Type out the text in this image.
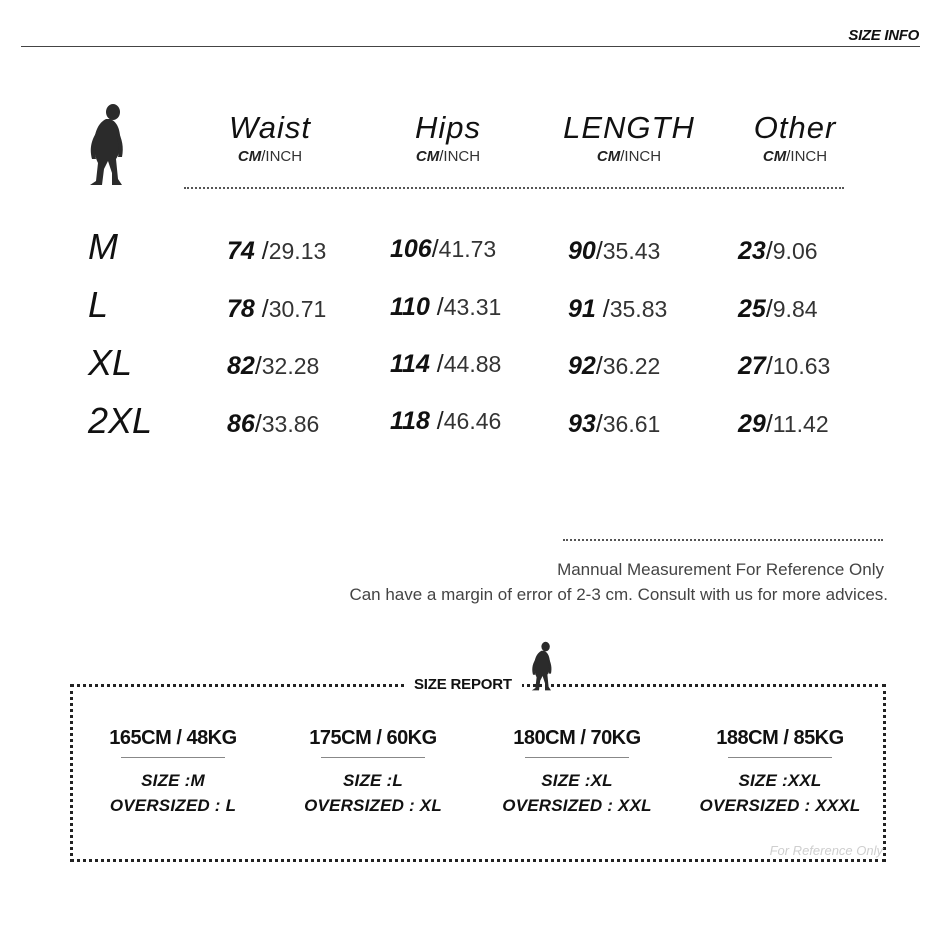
SIZE INFO
Waist
CM/INCH
Hips
CM/INCH
LENGTH
CM/INCH
Other
CM/INCH
M	74 /29.13	106/41.73	90/35.43	23/9.06
L	78 /30.71	110 /43.31	91 /35.83	25/9.84
XL	82/32.28	114 /44.88	92/36.22	27/10.63
2XL	86/33.86	118 /46.46	93/36.61	29/11.42
Mannual Measurement For Reference Only
Can have a margin of error of 2-3 cm. Consult with us for more advices.
SIZE REPORT
165CM / 48KG
SIZE :M
OVERSIZED : L
175CM / 60KG
SIZE :L
OVERSIZED : XL
180CM / 70KG
SIZE :XL
OVERSIZED : XXL
188CM / 85KG
SIZE :XXL
OVERSIZED : XXXL
For Reference Only
